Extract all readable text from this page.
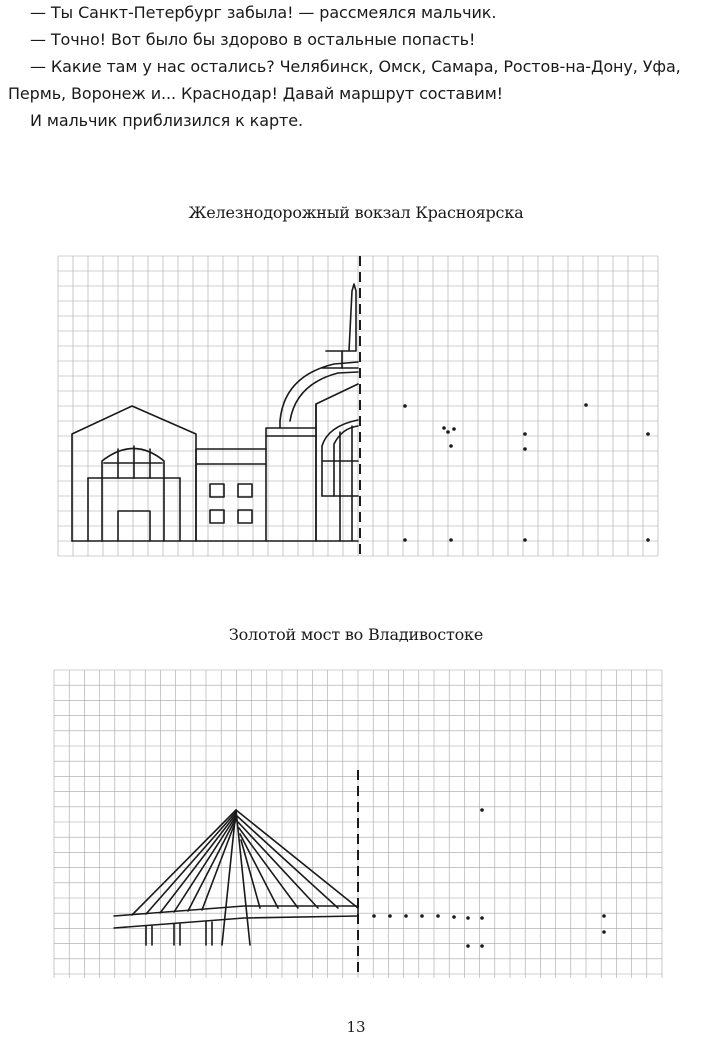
— Ты Санкт-Петербург забыла! — рассмеялся мальчик.

— Точно! Вот было бы здорово в остальные попасть!

— Какие там у нас остались? Челябинск, Омск, Самара, Ростов-на-Дону, Уфа,

Пермь, Воронеж и... Краснодар! Давай маршрут составим!

И мальчик приблизился к карте.

Железнодорожный вокзал Красноярска
Золотой мост во Владивостоке
13
